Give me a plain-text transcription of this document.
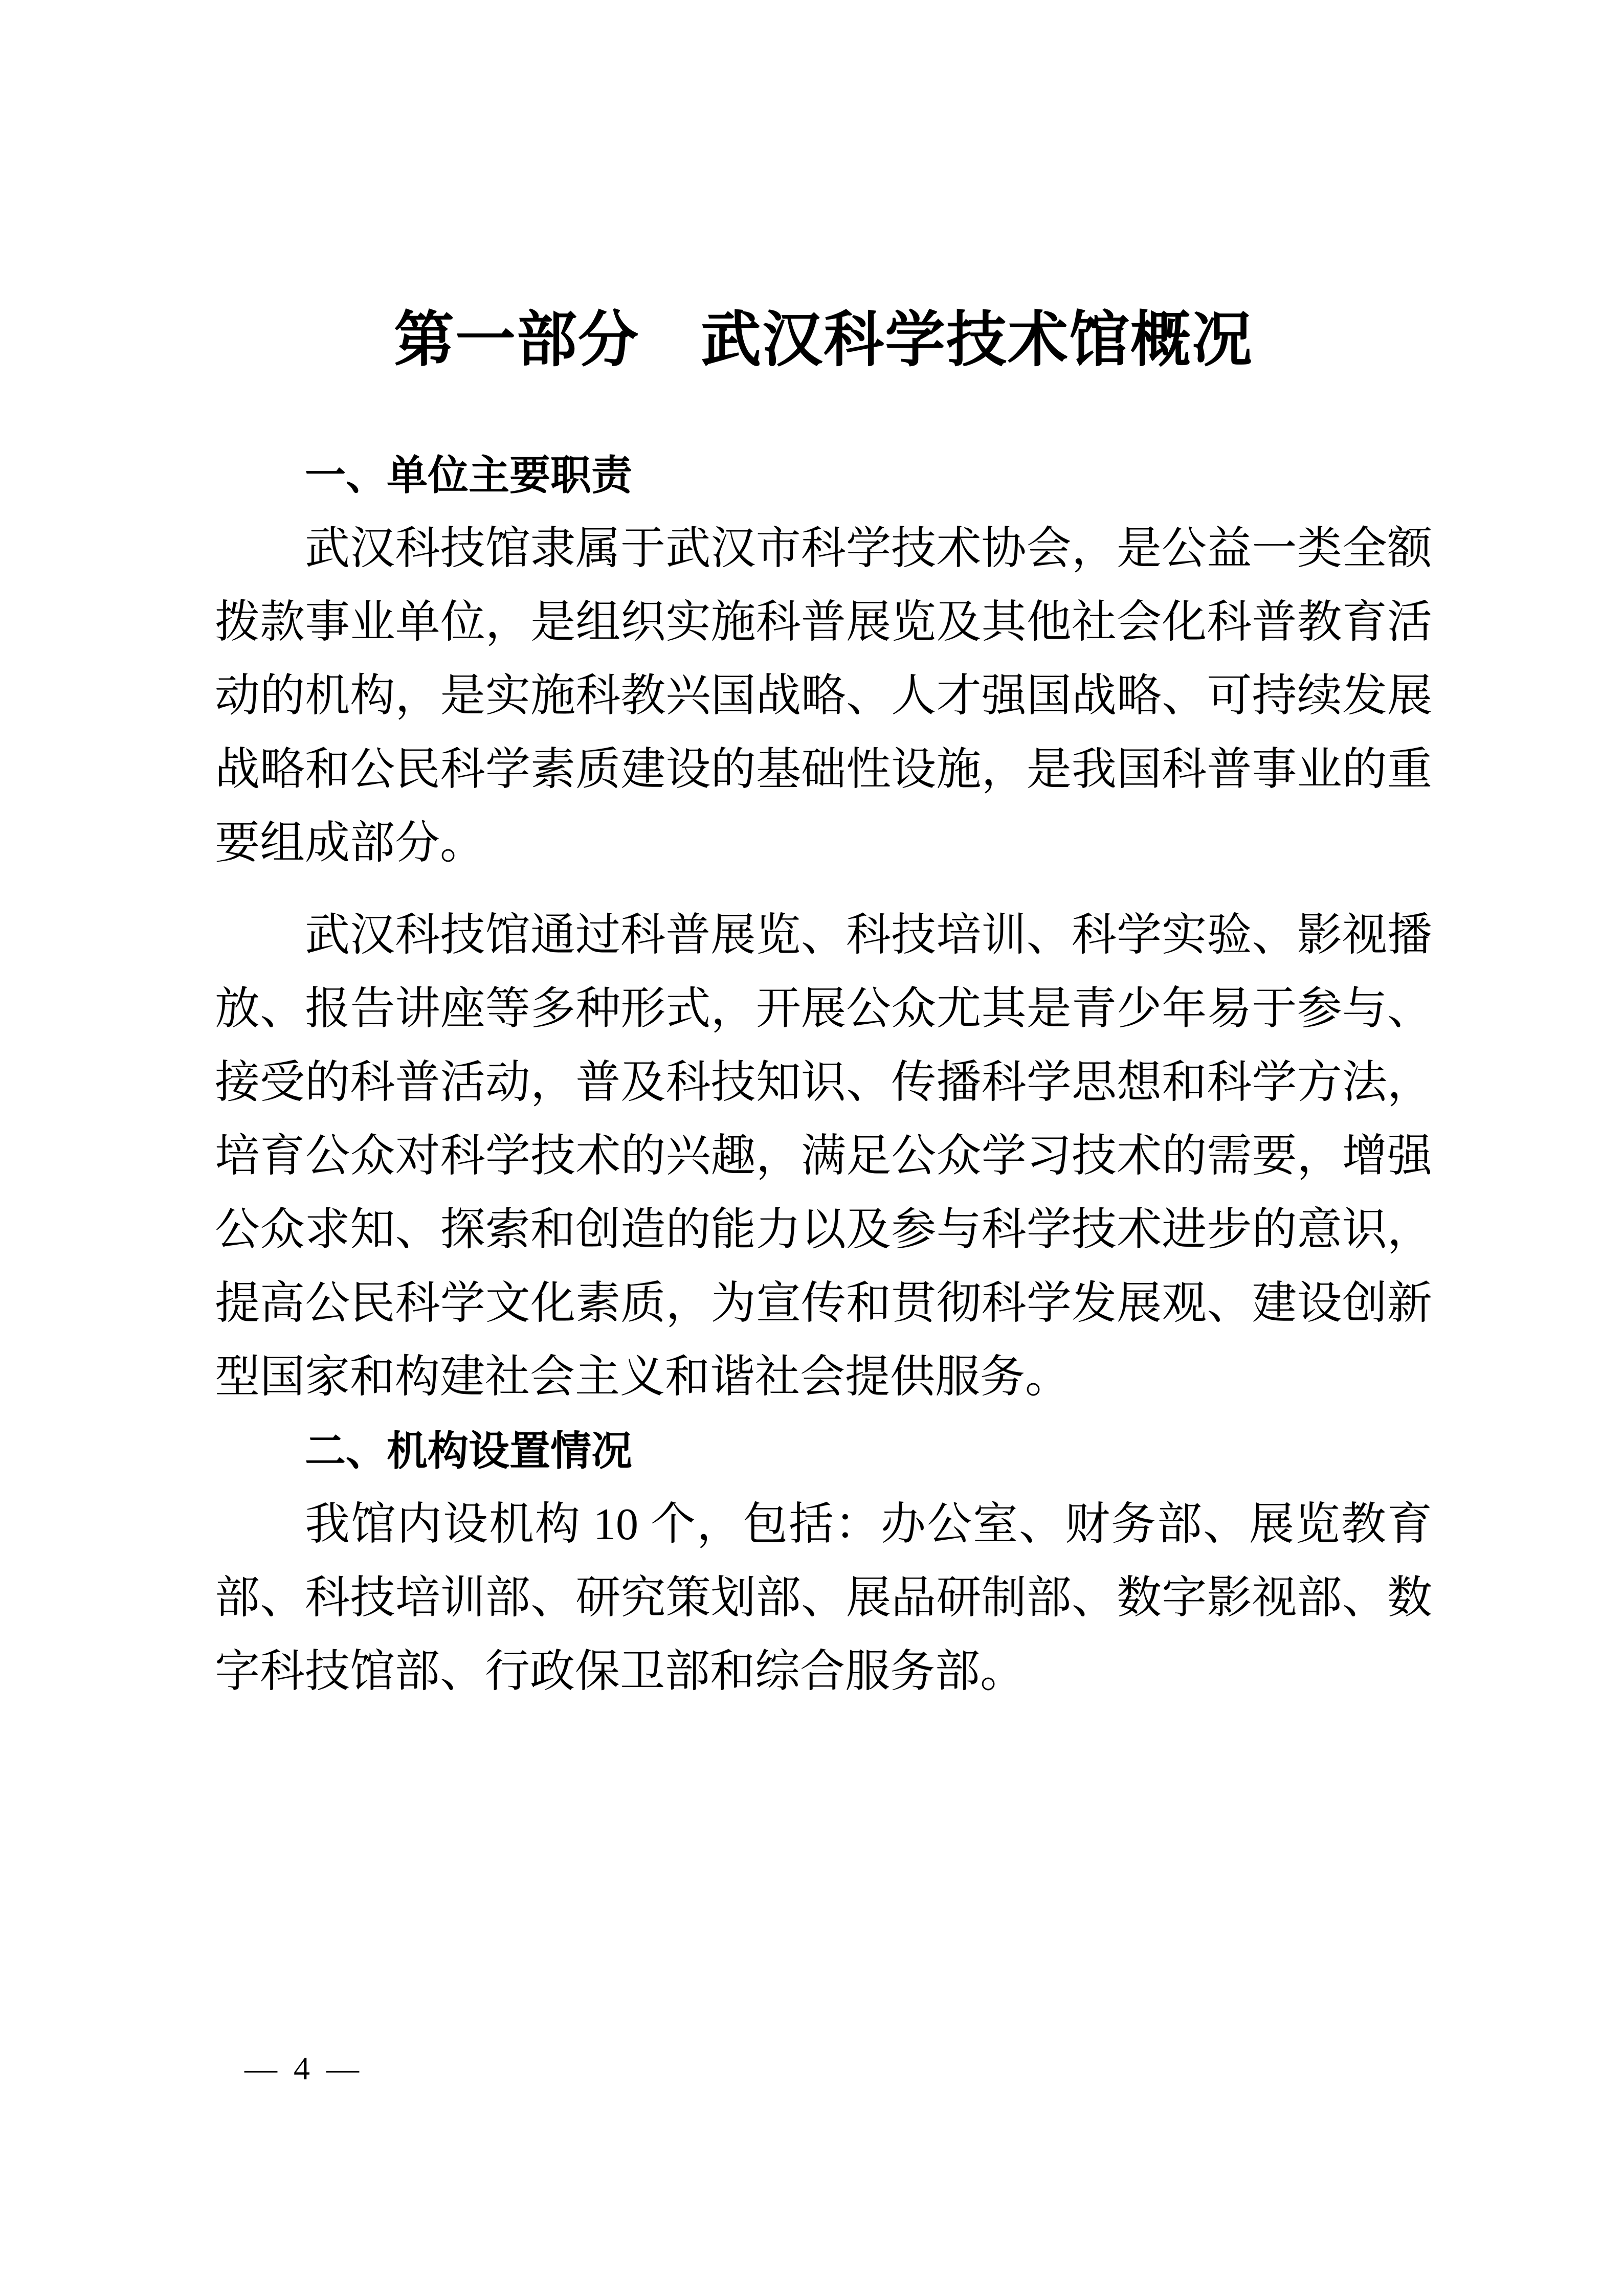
第一部分　武汉科学技术馆概况
一、单位主要职责

武汉科技馆隶属于武汉市科学技术协会，是公益一类全额拨款事业单位，是组织实施科普展览及其他社会化科普教育活动的机构，是实施科教兴国战略、人才强国战略、可持续发展战略和公民科学素质建设的基础性设施，是我国科普事业的重要组成部分。

武汉科技馆通过科普展览、科技培训、科学实验、影视播放、报告讲座等多种形式，开展公众尤其是青少年易于参与、接受的科普活动，普及科技知识、传播科学思想和科学方法，培育公众对科学技术的兴趣，满足公众学习技术的需要，增强公众求知、探索和创造的能力以及参与科学技术进步的意识，提高公民科学文化素质，为宣传和贯彻科学发展观、建设创新型国家和构建社会主义和谐社会提供服务。

二、机构设置情况

我馆内设机构 10 个，包括：办公室、财务部、展览教育部、科技培训部、研究策划部、展品研制部、数字影视部、数字科技馆部、行政保卫部和综合服务部。

— 4 —
